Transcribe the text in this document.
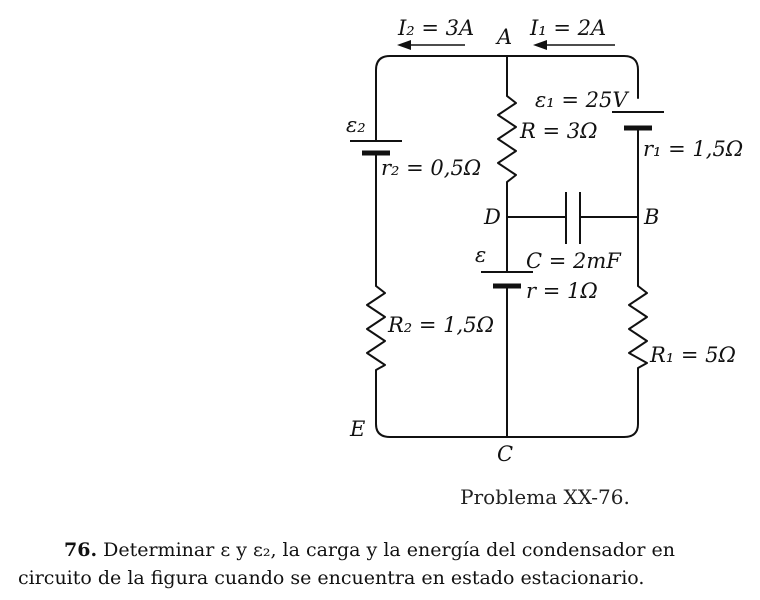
I₂ = 3A A I₁ = 2A
ε₁ = 25V
r₁ = 1,5Ω
ε₂
r₂ = 0,5Ω
R = 3Ω
D	B
ε C = 2mF
r = 1Ω
R₂ = 1,5Ω
R₁ = 5Ω
E
C
Problema XX-76.
76. Determinar ε y ε₂, la carga y la energía del condensador en circuito de la figura cuando se encuentra en estado estacionario.
